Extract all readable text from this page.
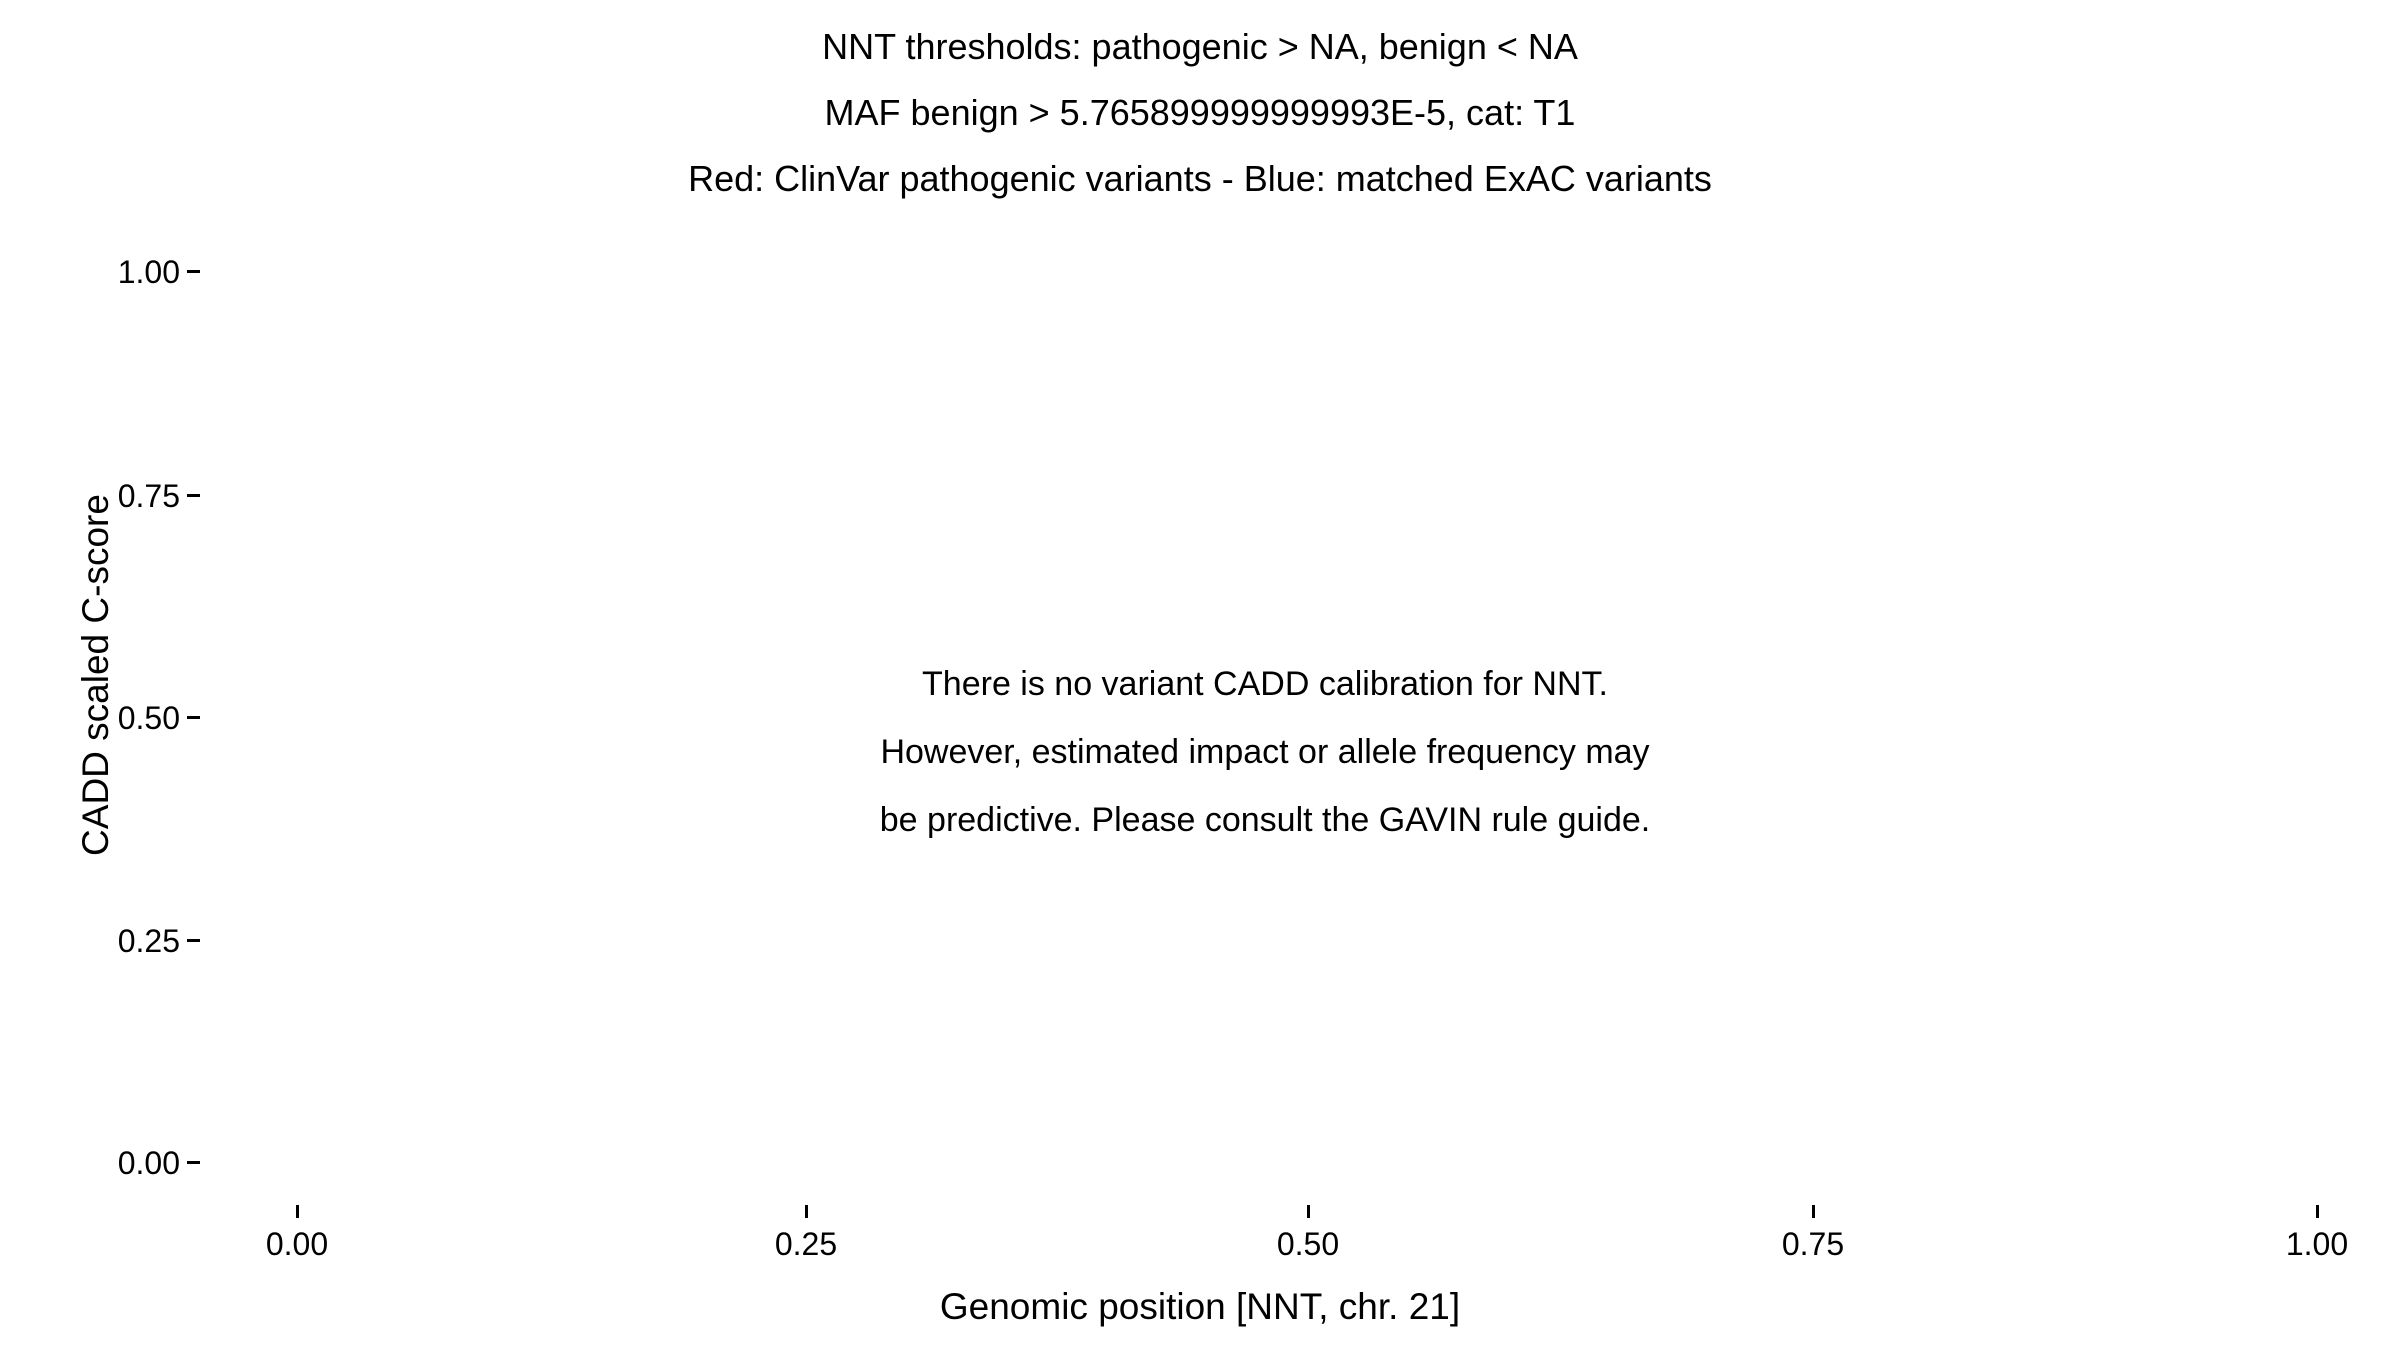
NNT thresholds: pathogenic > NA, benign < NA
MAF benign > 5.765899999999993E-5, cat: T1
Red: ClinVar pathogenic variants - Blue: matched ExAC variants
There is no variant CADD calibration for NNT.
However, estimated impact or allele frequency may
be predictive. Please consult the GAVIN rule guide.
1.00
0.75
0.50
0.25
0.00
0.00	0.25	0.50	0.75	1.00
CADD scaled C-score
Genomic position [NNT, chr. 21]
